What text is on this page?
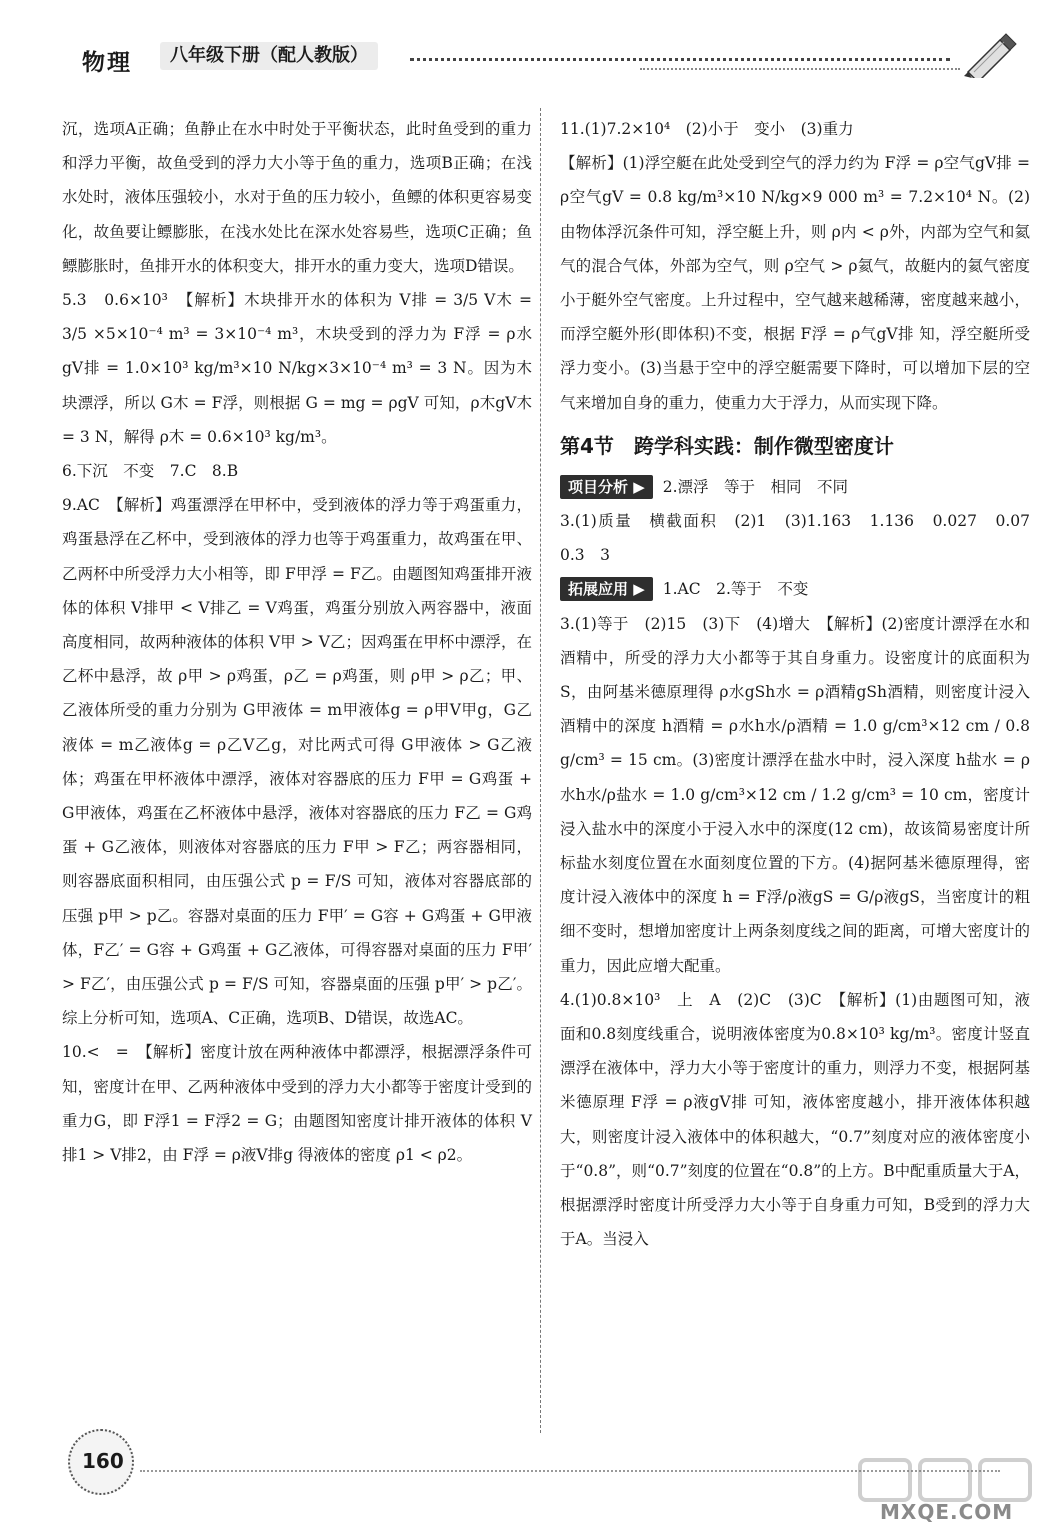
物理	八年级下册（配人教版）

沉，选项A正确；鱼静止在水中时处于平衡状态，此时鱼受到的重力和浮力平衡，故鱼受到的浮力大小等于鱼的重力，选项B正确；在浅水处时，液体压强较小，水对于鱼的压力较小，鱼鳔的体积更容易变化，故鱼要让鳔膨胀，在浅水处比在深水处容易些，选项C正确；鱼鳔膨胀时，鱼排开水的体积变大，排开水的重力变大，选项D错误。

5.3　0.6×10³　【解析】木块排开水的体积为 V排 = 3/5 V木 = 3/5 ×5×10⁻⁴ m³ = 3×10⁻⁴ m³，木块受到的浮力为 F浮 = ρ水gV排 = 1.0×10³ kg/m³×10 N/kg×3×10⁻⁴ m³ = 3 N。因为木块漂浮，所以 G木 = F浮，则根据 G = mg = ρgV 可知，ρ木gV木 = 3 N，解得 ρ木 = 0.6×10³ kg/m³。

6.下沉　不变　7.C　8.B

9.AC　【解析】鸡蛋漂浮在甲杯中，受到液体的浮力等于鸡蛋重力，鸡蛋悬浮在乙杯中，受到液体的浮力也等于鸡蛋重力，故鸡蛋在甲、乙两杯中所受浮力大小相等，即 F甲浮 = F乙。由题图知鸡蛋排开液体的体积 V排甲 < V排乙 = V鸡蛋，鸡蛋分别放入两容器中，液面高度相同，故两种液体的体积 V甲 > V乙；因鸡蛋在甲杯中漂浮，在乙杯中悬浮，故 ρ甲 > ρ鸡蛋，ρ乙 = ρ鸡蛋，则 ρ甲 > ρ乙；甲、乙液体所受的重力分别为 G甲液体 = m甲液体g = ρ甲V甲g，G乙液体 = m乙液体g = ρ乙V乙g，对比两式可得 G甲液体 > G乙液体；鸡蛋在甲杯液体中漂浮，液体对容器底的压力 F甲 = G鸡蛋 + G甲液体，鸡蛋在乙杯液体中悬浮，液体对容器底的压力 F乙 = G鸡蛋 + G乙液体，则液体对容器底的压力 F甲 > F乙；两容器相同，则容器底面积相同，由压强公式 p = F/S 可知，液体对容器底部的压强 p甲 > p乙。容器对桌面的压力 F甲′ = G容 + G鸡蛋 + G甲液体，F乙′ = G容 + G鸡蛋 + G乙液体，可得容器对桌面的压力 F甲′ > F乙′，由压强公式 p = F/S 可知，容器桌面的压强 p甲′ > p乙′。综上分析可知，选项A、C正确，选项B、D错误，故选AC。

10.<　=　【解析】密度计放在两种液体中都漂浮，根据漂浮条件可知，密度计在甲、乙两种液体中受到的浮力大小都等于密度计受到的重力G，即 F浮1 = F浮2 = G；由题图知密度计排开液体的体积 V排1 > V排2，由 F浮 = ρ液V排g 得液体的密度 ρ1 < ρ2。

11.(1)7.2×10⁴　(2)小于　变小　(3)重力

【解析】(1)浮空艇在此处受到空气的浮力约为 F浮 = ρ空气gV排 = ρ空气gV = 0.8 kg/m³×10 N/kg×9 000 m³ = 7.2×10⁴ N。(2)由物体浮沉条件可知，浮空艇上升，则 ρ内 < ρ外，内部为空气和氦气的混合气体，外部为空气，则 ρ空气 > ρ氦气，故艇内的氦气密度小于艇外空气密度。上升过程中，空气越来越稀薄，密度越来越小，而浮空艇外形(即体积)不变，根据 F浮 = ρ气gV排 知，浮空艇所受浮力变小。(3)当悬于空中的浮空艇需要下降时，可以增加下层的空气来增加自身的重力，使重力大于浮力，从而实现下降。

第4节　跨学科实践：制作微型密度计

项目分析 ▶ 2.漂浮　等于　相同　不同

3.(1)质量　横截面积　(2)1　(3)1.163　1.136　0.027　0.07　0.3　3

拓展应用 ▶ 1.AC　2.等于　不变

3.(1)等于　(2)15　(3)下　(4)增大　【解析】(2)密度计漂浮在水和酒精中，所受的浮力大小都等于其自身重力。设密度计的底面积为S，由阿基米德原理得 ρ水gSh水 = ρ酒精gSh酒精，则密度计浸入酒精中的深度 h酒精 = ρ水h水/ρ酒精 = 1.0 g/cm³×12 cm / 0.8 g/cm³ = 15 cm。(3)密度计漂浮在盐水中时，浸入深度 h盐水 = ρ水h水/ρ盐水 = 1.0 g/cm³×12 cm / 1.2 g/cm³ = 10 cm，密度计浸入盐水中的深度小于浸入水中的深度(12 cm)，故该简易密度计所标盐水刻度位置在水面刻度位置的下方。(4)据阿基米德原理得，密度计浸入液体中的深度 h = F浮/ρ液gS = G/ρ液gS，当密度计的粗细不变时，想增加密度计上两条刻度线之间的距离，可增大密度计的重力，因此应增大配重。

4.(1)0.8×10³　上　A　(2)C　(3)C　【解析】(1)由题图可知，液面和0.8刻度线重合，说明液体密度为0.8×10³ kg/m³。密度计竖直漂浮在液体中，浮力大小等于密度计的重力，则浮力不变，根据阿基米德原理 F浮 = ρ液gV排 可知，液体密度越小，排开液体体积越大，则密度计浸入液体中的体积越大，“0.7”刻度对应的液体密度小于“0.8”，则“0.7”刻度的位置在“0.8”的上方。B中配重质量大于A，根据漂浮时密度计所受浮力大小等于自身重力可知，B受到的浮力大于A。当浸入

160
MXQE.COM
